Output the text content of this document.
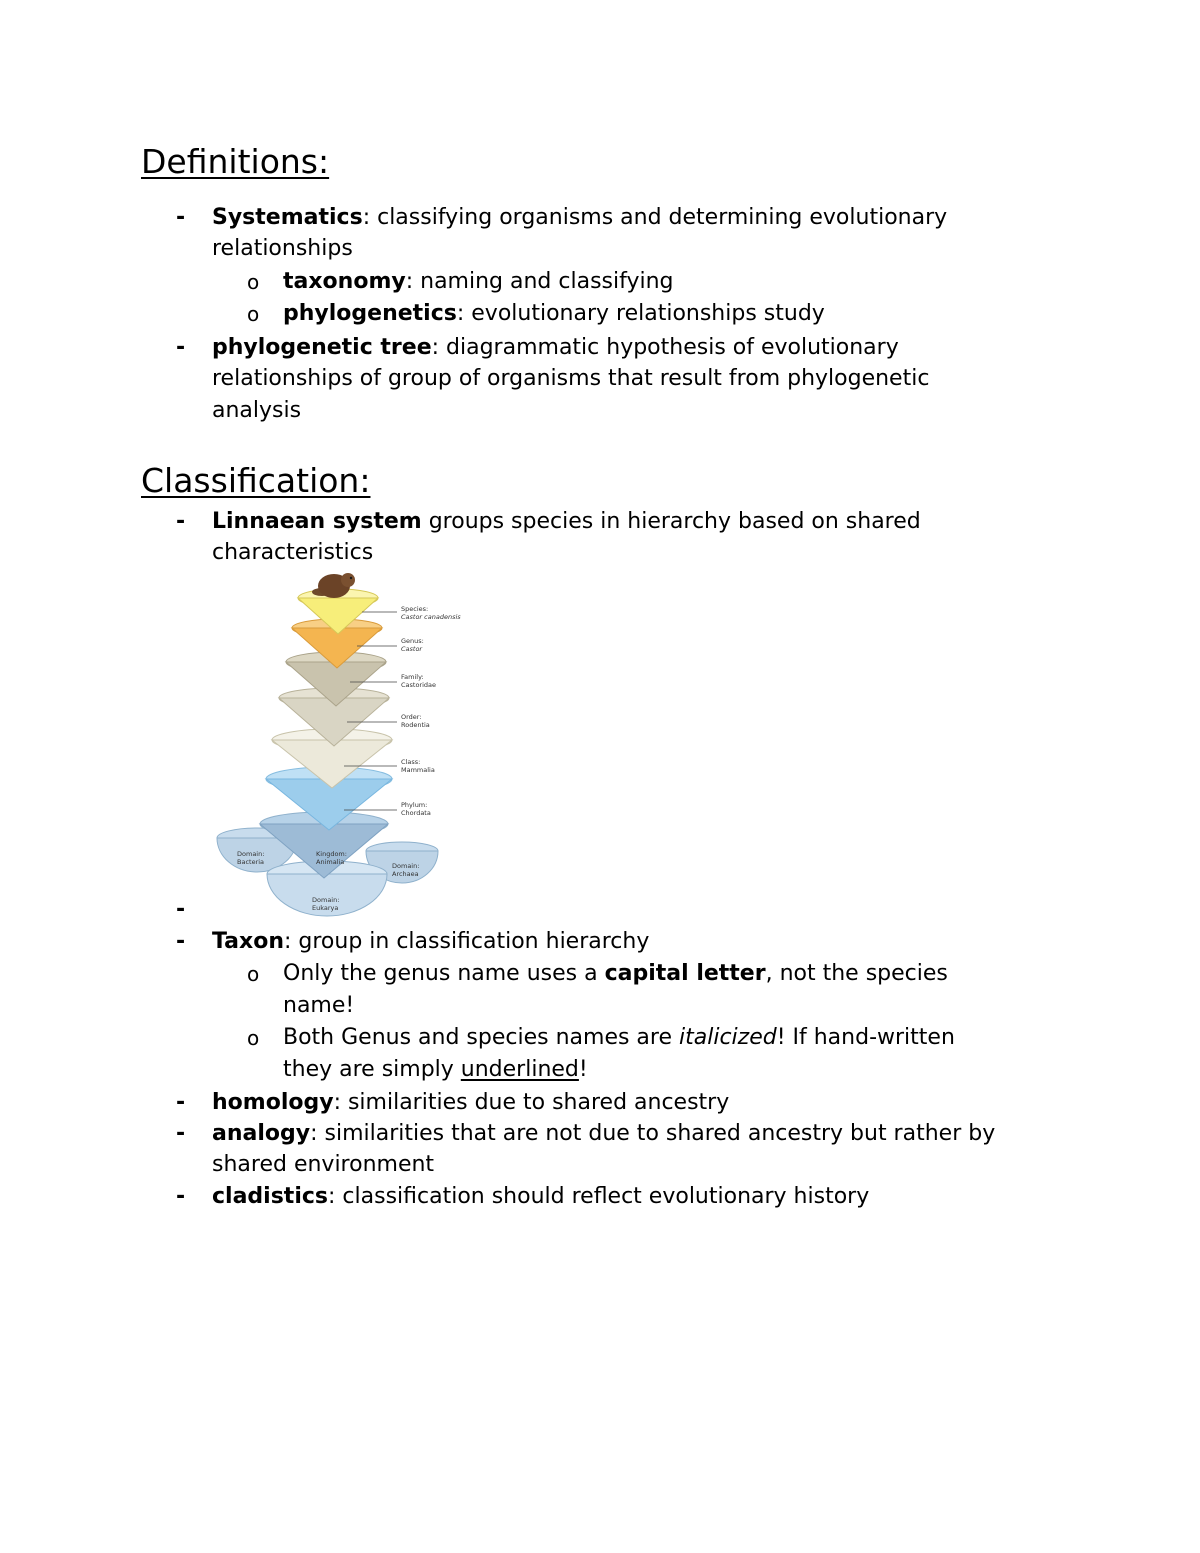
Definitions:
- Systematics: classifying organisms and determining evolutionary
relationships
o taxonomy: naming and classifying
o phylogenetics: evolutionary relationships study
- phylogenetic tree: diagrammatic hypothesis of evolutionary
relationships of group of organisms that result from phylogenetic
analysis
Classification:
- Linnaean system groups species in hierarchy based on shared
characteristics
Species:
Castor canadensis
Genus:
Castor
Family:
Castoridae
Order:
Rodentia
Class:
Mammalia
Phylum:
Chordata
Domain:
Bacteria
Kingdom:
Animalia	Domain:
Archaea
Domain:
Eukarya
-
- Taxon: group in classification hierarchy
o Only the genus name uses a capital letter, not the species
name!
o Both Genus and species names are italicized! If hand-written
they are simply underlined!
- homology: similarities due to shared ancestry
- analogy: similarities that are not due to shared ancestry but rather by
shared environment
- cladistics: classification should reflect evolutionary history
